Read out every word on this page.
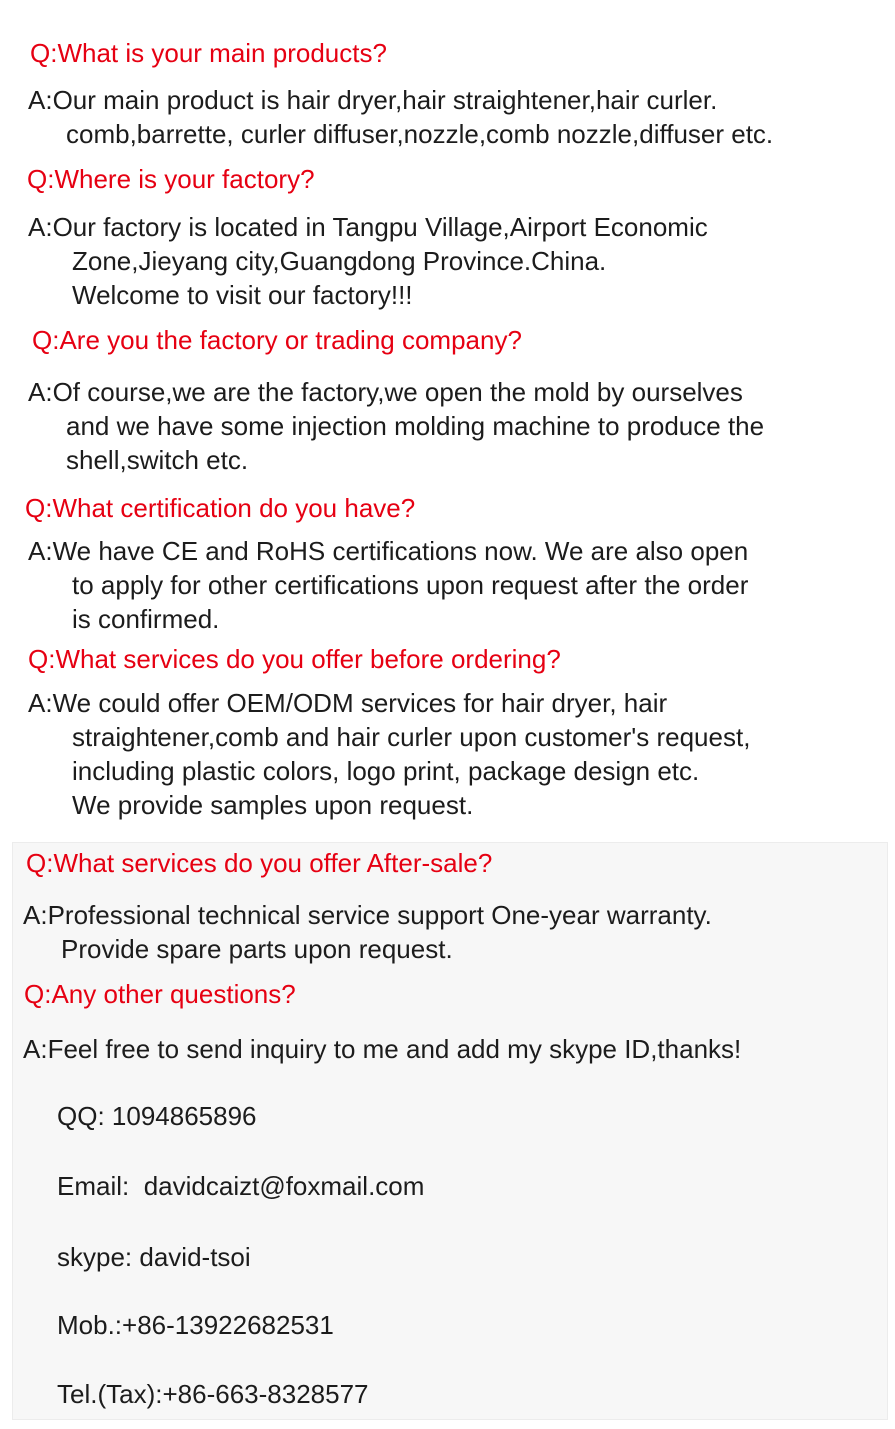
Q:What is your main products?

A:Our main product is hair dryer,hair straightener,hair curler.
comb,barrette, curler diffuser,nozzle,comb nozzle,diffuser etc.

Q:Where is your factory?

A:Our factory is located in Tangpu Village,Airport Economic
Zone,Jieyang city,Guangdong Province.China.
Welcome to visit our factory!!!

Q:Are you the factory or trading company?

A:Of course,we are the factory,we open the mold by ourselves
and we have some injection molding machine to produce the
shell,switch etc.

Q:What certification do you have?

A:We have CE and RoHS certifications now. We are also open
to apply for other certifications upon request after the order
is confirmed.

Q:What services do you offer before ordering?

A:We could offer OEM/ODM services for hair dryer, hair
straightener,comb and hair curler upon customer's request,
including plastic colors, logo print, package design etc.
We provide samples upon request.

Q:What services do you offer After-sale?

A:Professional technical service support One-year warranty.
Provide spare parts upon request.

Q:Any other questions?

A:Feel free to send inquiry to me and add my skype ID,thanks!

QQ: 1094865896

Email: davidcaizt@foxmail.com

skype: david-tsoi

Mob.:+86-13922682531

Tel.(Tax):+86-663-8328577
